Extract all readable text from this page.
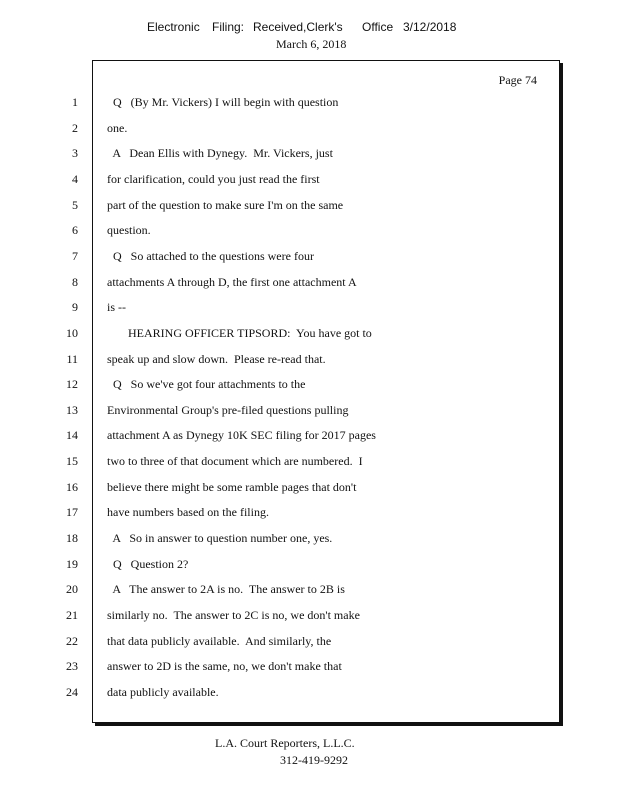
Electronic Filing: Received,Clerk's Office 3/12/2018
March 6, 2018
Page 74
1 Q   (By Mr. Vickers) I will begin with question
2 one.
3 A   Dean Ellis with Dynegy.  Mr. Vickers, just
4 for clarification, could you just read the first
5 part of the question to make sure I'm on the same
6 question.
7 Q   So attached to the questions were four
8 attachments A through D, the first one attachment A
9 is --
10 HEARING OFFICER TIPSORD:  You have got to
11 speak up and slow down.  Please re-read that.
12 Q   So we've got four attachments to the
13 Environmental Group's pre-filed questions pulling
14 attachment A as Dynegy 10K SEC filing for 2017 pages
15 two to three of that document which are numbered.  I
16 believe there might be some ramble pages that don't
17 have numbers based on the filing.
18 A   So in answer to question number one, yes.
19 Q   Question 2?
20 A   The answer to 2A is no.  The answer to 2B is
21 similarly no.  The answer to 2C is no, we don't make
22 that data publicly available.  And similarly, the
23 answer to 2D is the same, no, we don't make that
24 data publicly available.
L.A. Court Reporters, L.L.C.
312-419-9292
